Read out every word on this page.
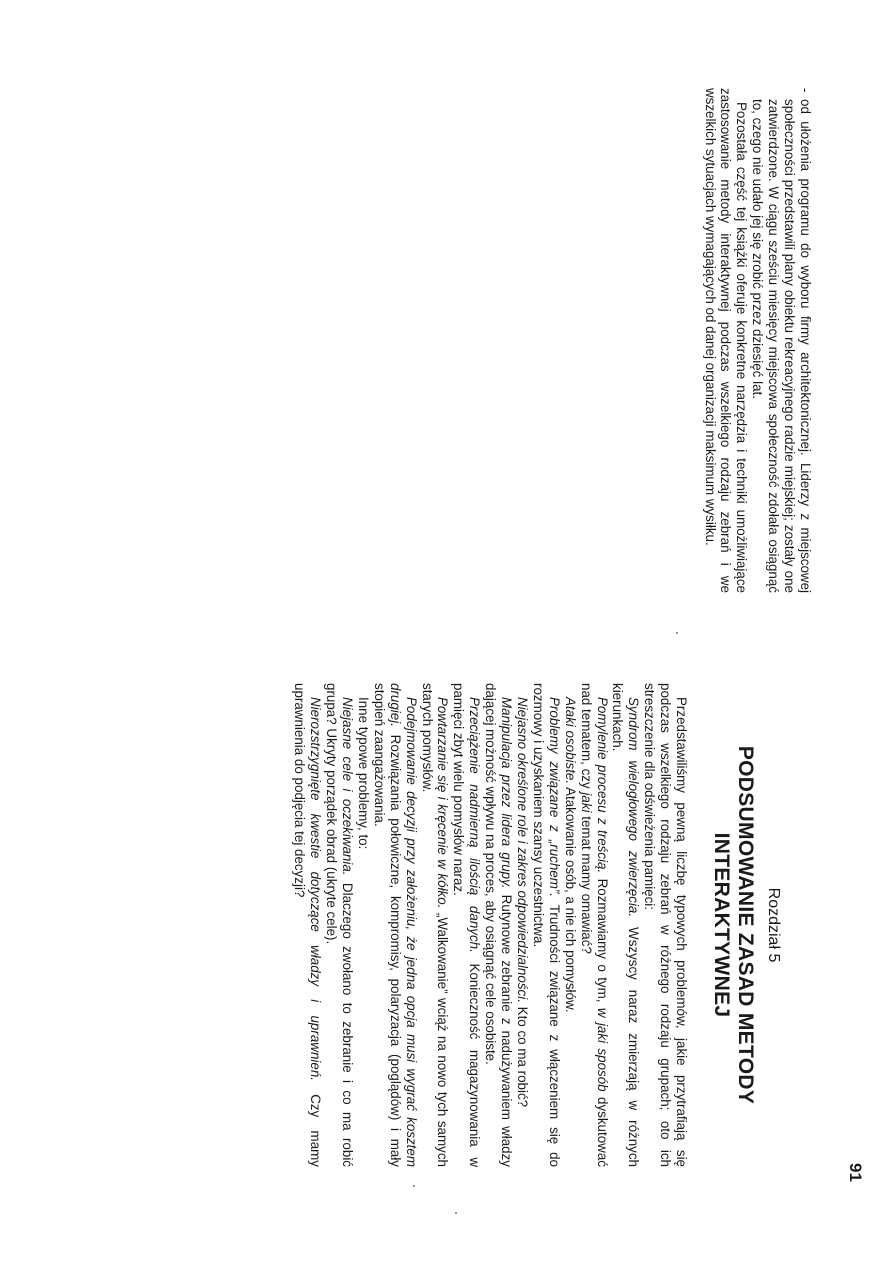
- od ułożenia programu do wyboru firmy architektonicznej. Liderzy z miejscowej społeczności przedstawili plany obiektu rekreacyjnego radzie miejskiej; zostały one zatwierdzone. W ciągu sześciu miesięcy miejscowa społeczność zdołała osiągnąć to, czego nie udało jej się zrobić przez dziesięć lat.

Pozostała część tej książki oferuje konkretne narzędzia i techniki umożliwiające zastosowanie metody interaktywnej podczas wszelkiego rodzaju zebrań i we wszelkich sytuacjach wymagających od danej organizacji maksimum wysiłku.

Rozdział 5
PODSUMOWANIE ZASAD METODY INTERAKTYWNEJ

Przedstawiliśmy pewną liczbę typowych problemów, jakie przytrafiają się podczas wszelkiego rodzaju zebrań w różnego rodzaju grupach; oto ich streszczenie dla odświeżenia pamięci:

Syndrom wielogłowego zwierzęcia. Wszyscy naraz zmierzają w różnych kierunkach.

Pomylenie procesu z treścią. Rozmawiamy o tym, w jaki sposób dyskutować nad tematem, czy jaki temat mamy omawiać?

Ataki osobiste. Atakowanie osób, a nie ich pomysłów.

Problemy związane z „ruchem”. Trudności związane z włączeniem się do rozmowy i uzyskaniem szansy uczestnictwa.

Niejasno określone role i zakres odpowiedzialności. Kto co ma robić?

Manipulacja przez lidera grupy. Rutynowe zebranie z nadużywaniem władzy dającej możność wpływu na proces, aby osiągnąć cele osobiste.

Przeciążenie nadmierną ilością danych. Konieczność magazynowania w pamięci zbyt wielu pomysłów naraz.

Powtarzanie się i kręcenie w kółko. „Walkowanie” wciąż na nowo tych samych starych pomysłów.

Podejmowanie decyzji przy założeniu, że jedna opcja musi wygrać kosztem drugiej. Rozwiązania połowiczne, kompromisy, polaryzacja (poglądów) i mały stopień zaangażowania.

Inne typowe problemy, to:

Niejasne cele i oczekiwania. Dlaczego zwołano to zebranie i co ma robić grupa? Ukryty porządek obrad (ukryte cele).

Nierozstrzygnięte kwestie dotyczące władzy i uprawnień. Czy mamy uprawnienia do podjęcia tej decyzji?

91
